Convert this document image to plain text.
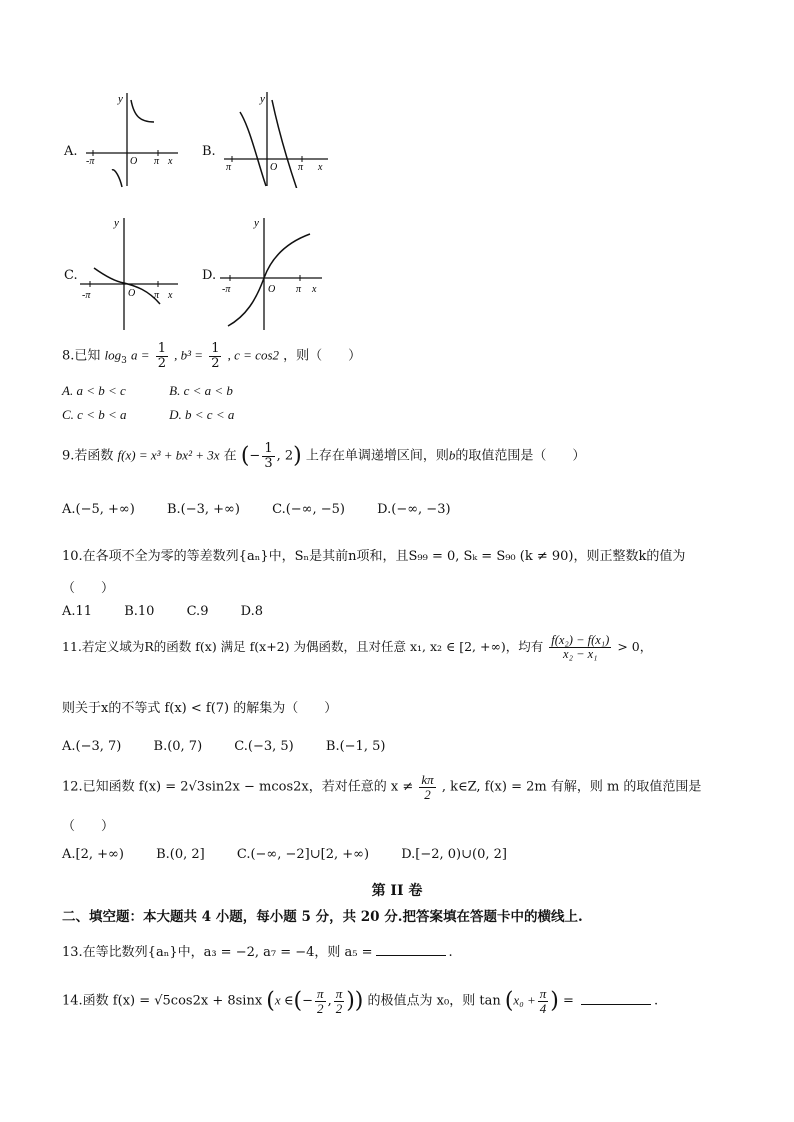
A.
y
-π	O π x
B.
y
π	O π x
C.
y
-π	O π x
D.
y
-π	O π x
8.已知 $\log_3 a = \frac{1}{2}$ , $b^3 = \frac{1}{2}$ , c = cos2 ，则（　　）
A. a < b < c	B. c < a < b
C. c < b < a	D. b < c < a
9.若函数 f(x) = x³ + bx² + 3x 在 (− $\frac{1}{3}$ , 2) 上存在单调递增区间，则b的取值范围是（　　）
A.(−5, +∞) B.(−3, +∞) C.(−∞, −5) D.(−∞, −3)
10.在各项不全为零的等差数列{aₙ}中，Sₙ是其前n项和，且S₉₉ = 0, Sₖ = S₉₀ (k ≠ 90)，则正整数k的值为
（　　）
A.11 B.10 C.9 D.8
11.若定义域为R的函数 f(x) 满足 f(x+2) 为偶函数，且对任意 x₁, x₂ ∈ [2, +∞)，均有 $\frac{\text{f(x₂) − f(x₁)}}{\text{x₂ − x₁}} > 0$，
则关于x的不等式 f(x) < f(7) 的解集为（　　）
A.(−3, 7) B.(0, 7) C.(−3, 5) B.(−1, 5)
12.已知函数 f(x) = 2√3sin2x − mcos2x，若对任意的 $x \ne \frac{k\pi}{2}$ , k∈Z, f(x) = 2m 有解，则 m 的取值范围是
（　　）
A.[2, +∞) B.(0, 2] C.(−∞, −2]∪[2, +∞) D.[−2, 0)∪(0, 2]
第 II 卷
二、填空题：本大题共 4 小题，每小题 5 分，共 20 分.把答案填在答题卡中的横线上.
13.在等比数列{aₙ}中，a₃ = −2, a₇ = −4，则 a₅ =	.
14.函数 f(x) = √5cos2x + 8sinx (x ∈(− $\frac{\pi}{2}$ , $\frac{\pi}{2}$ )) 的极值点为 x₀，则 $\tan (x_0 + \frac{\pi}{4}$ ) =	.
